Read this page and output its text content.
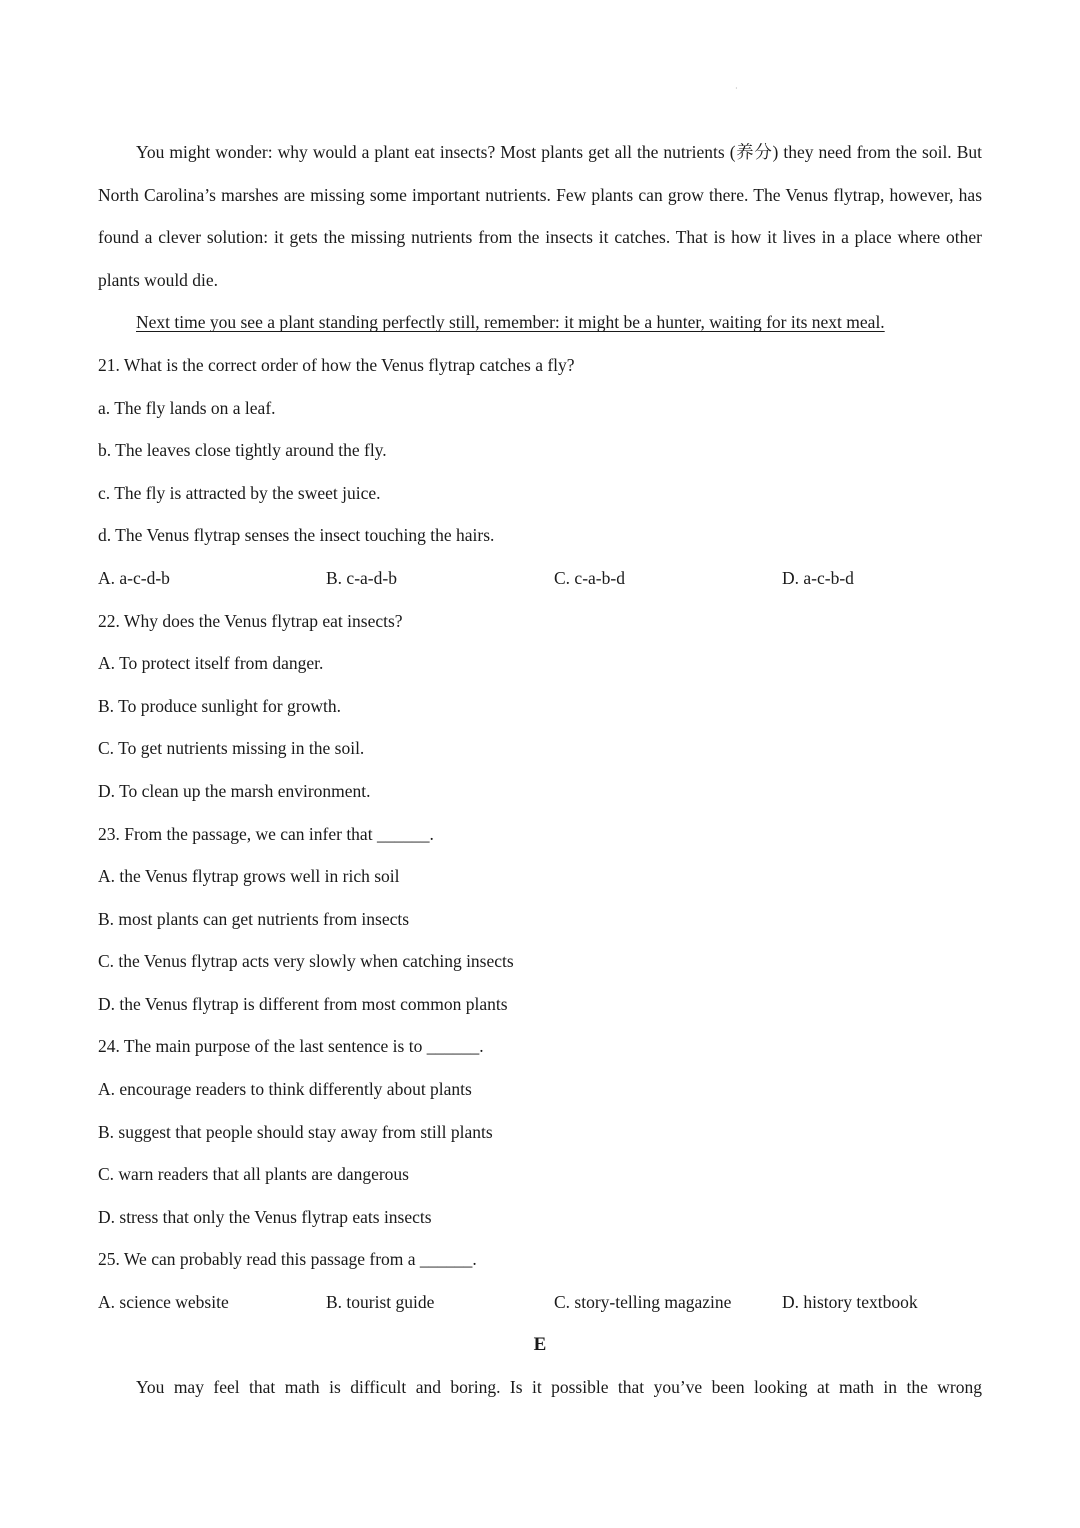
·

You might wonder: why would a plant eat insects? Most plants get all the nutrients (养分) they need from the soil. But North Carolina’s marshes are missing some important nutrients. Few plants can grow there. The Venus flytrap, however, has found a clever solution: it gets the missing nutrients from the insects it catches. That is how it lives in a place where other plants would die.

Next time you see a plant standing perfectly still, remember: it might be a hunter, waiting for its next meal.
21. What is the correct order of how the Venus flytrap catches a fly?
a. The fly lands on a leaf.
b. The leaves close tightly around the fly.
c. The fly is attracted by the sweet juice.
d. The Venus flytrap senses the insect touching the hairs.
A. a-c-d-b	B. c-a-d-b	C. c-a-b-d	D. a-c-b-d
22. Why does the Venus flytrap eat insects?
A. To protect itself from danger.
B. To produce sunlight for growth.
C. To get nutrients missing in the soil.
D. To clean up the marsh environment.
23. From the passage, we can infer that ______.
A. the Venus flytrap grows well in rich soil
B. most plants can get nutrients from insects
C. the Venus flytrap acts very slowly when catching insects
D. the Venus flytrap is different from most common plants
24. The main purpose of the last sentence is to ______.
A. encourage readers to think differently about plants
B. suggest that people should stay away from still plants
C. warn readers that all plants are dangerous
D. stress that only the Venus flytrap eats insects
25. We can probably read this passage from a ______.
A. science website	B. tourist guide	C. story-telling magazine	D. history textbook
E

You may feel that math is difficult and boring. Is it possible that you’ve been looking at math in the wrong
